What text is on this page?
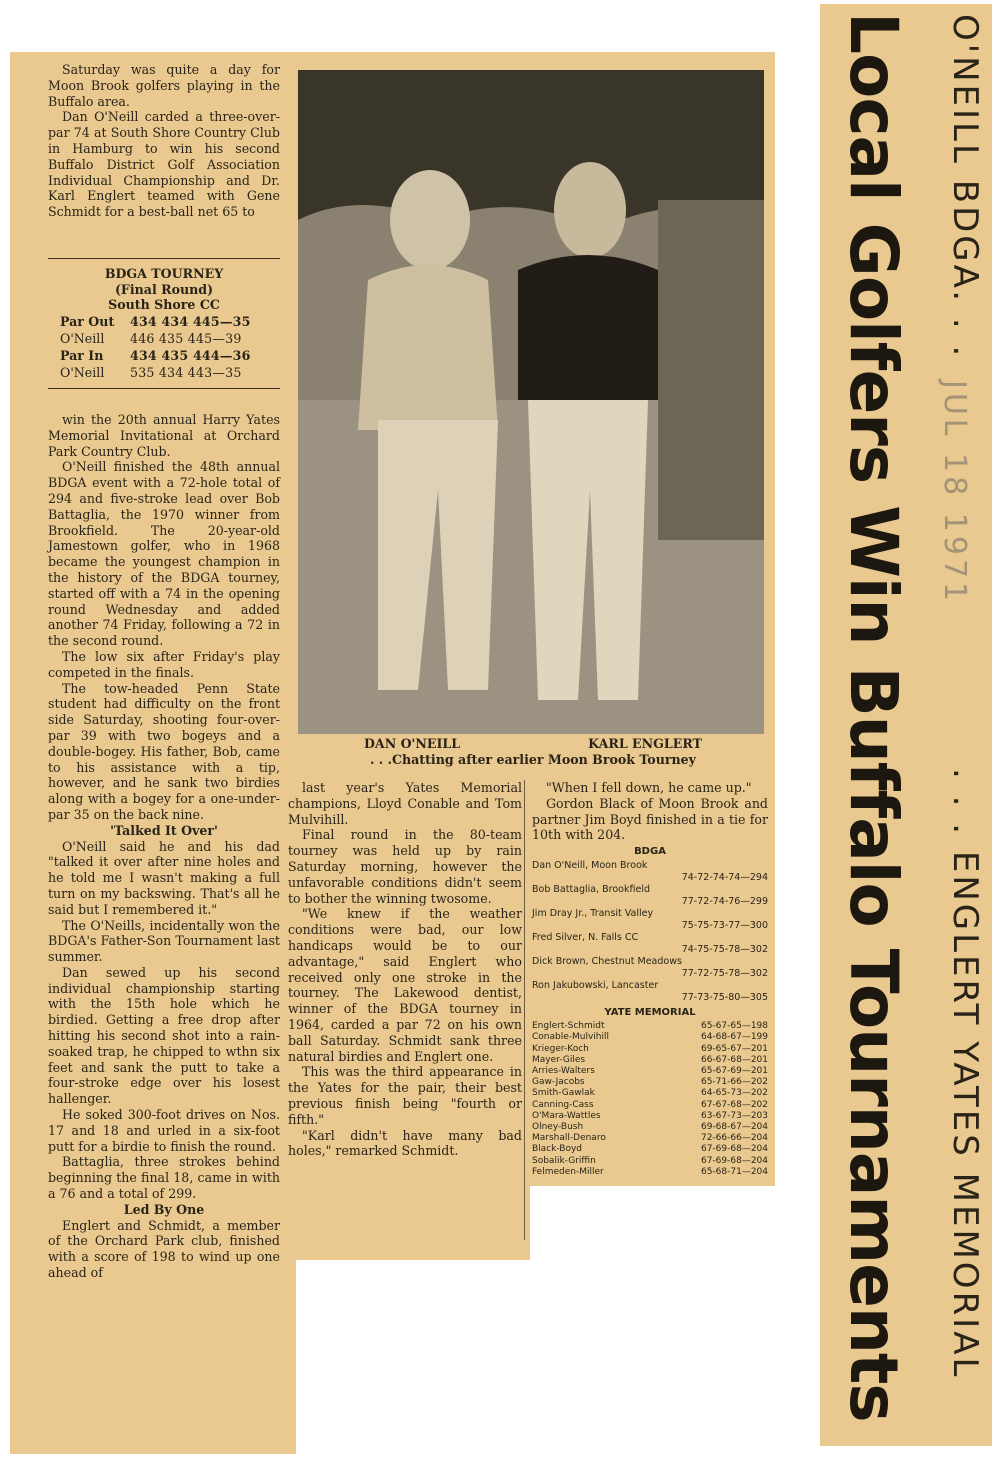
Saturday was quite a day for Moon Brook golfers playing in the Buffalo area.

Dan O'Neill carded a three-over-par 74 at South Shore Country Club in Hamburg to win his second Buffalo District Golf Association Individual Championship and Dr. Karl Englert teamed with Gene Schmidt for a best-ball net 65 to

BDGA TOURNEY
(Final Round)
South Shore CC
Par Out	434 434 445—35
O'Neill	446 435 445—39
Par In	434 435 444—36
O'Neill	535 434 443—35

win the 20th annual Harry Yates Memorial Invitational at Orchard Park Country Club.

O'Neill finished the 48th annual BDGA event with a 72-hole total of 294 and five-stroke lead over Bob Battaglia, the 1970 winner from Brookfield. The 20-year-old Jamestown golfer, who in 1968 became the youngest champion in the history of the BDGA tourney, started off with a 74 in the opening round Wednesday and added another 74 Friday, following a 72 in the second round.

The low six after Friday's play competed in the finals.

The tow-headed Penn State student had difficulty on the front side Saturday, shooting four-over-par 39 with two bogeys and a double-bogey. His father, Bob, came to his assistance with a tip, however, and he sank two birdies along with a bogey for a one-under-par 35 on the back nine.

'Talked It Over'

O'Neill said he and his dad "talked it over after nine holes and he told me I wasn't making a full turn on my backswing. That's all he said but I remembered it."

The O'Neills, incidentally won the BDGA's Father-Son Tournament last summer.

Dan sewed up his second individual championship starting with the 15th hole which he birdied. Getting a free drop after hitting his second shot into a rain-soaked trap, he chipped to wthn six feet and sank the putt to take a four-stroke edge over his losest hallenger.

He soked 300-foot drives on Nos. 17 and 18 and urled in a six-foot putt for a birdie to finish the round.

Battaglia, three strokes behind beginning the final 18, came in with a 76 and a total of 299.

Led By One

Englert and Schmidt, a member of the Orchard Park club, finished with a score of 198 to wind up one ahead of

DAN O'NEILL	KARL ENGLERT
. . .Chatting after earlier Moon Brook Tourney

last year's Yates Memorial champions, Lloyd Conable and Tom Mulvihill.

Final round in the 80-team tourney was held up by rain Saturday morning, however the unfavorable conditions didn't seem to bother the winning twosome.

"We knew if the weather conditions were bad, our low handicaps would be to our advantage," said Englert who received only one stroke in the tourney. The Lakewood dentist, winner of the BDGA tourney in 1964, carded a par 72 on his own ball Saturday. Schmidt sank three natural birdies and Englert one.

This was the third appearance in the Yates for the pair, their best previous finish being "fourth or fifth."

"Karl didn't have many bad holes," remarked Schmidt.

"When I fell down, he came up."

Gordon Black of Moon Brook and partner Jim Boyd finished in a tie for 10th with 204.

BDGA
Dan O'Neill, Moon Brook
74-72-74-74—294
Bob Battaglia, Brookfield
77-72-74-76—299
Jim Dray Jr., Transit Valley
75-75-73-77—300
Fred Silver, N. Falls CC
74-75-75-78—302
Dick Brown, Chestnut Meadows
77-72-75-78—302
Ron Jakubowski, Lancaster
77-73-75-80—305
YATE MEMORIAL
Englert-Schmidt	65-67-65—198
Conable-Mulvihill	64-68-67—199
Krieger-Koch	69-65-67—201
Mayer-Giles	66-67-68—201
Arries-Walters	65-67-69—201
Gaw-Jacobs	65-71-66—202
Smith-Gawlak	64-65-73—202
Canning-Cass	67-67-68—202
O'Mara-Wattles	63-67-73—203
Olney-Bush	69-68-67—204
Marshall-Denaro	72-66-66—204
Black-Boyd	67-69-68—204
Sobalik-Griffin	67-69-68—204
Felmeden-Miller	65-68-71—204 Local Golfers Win Buffalo Tournaments O'NEILL BDGA. . .
. . . ENGLERT YATES MEMORIAL
JUL 18 1971
